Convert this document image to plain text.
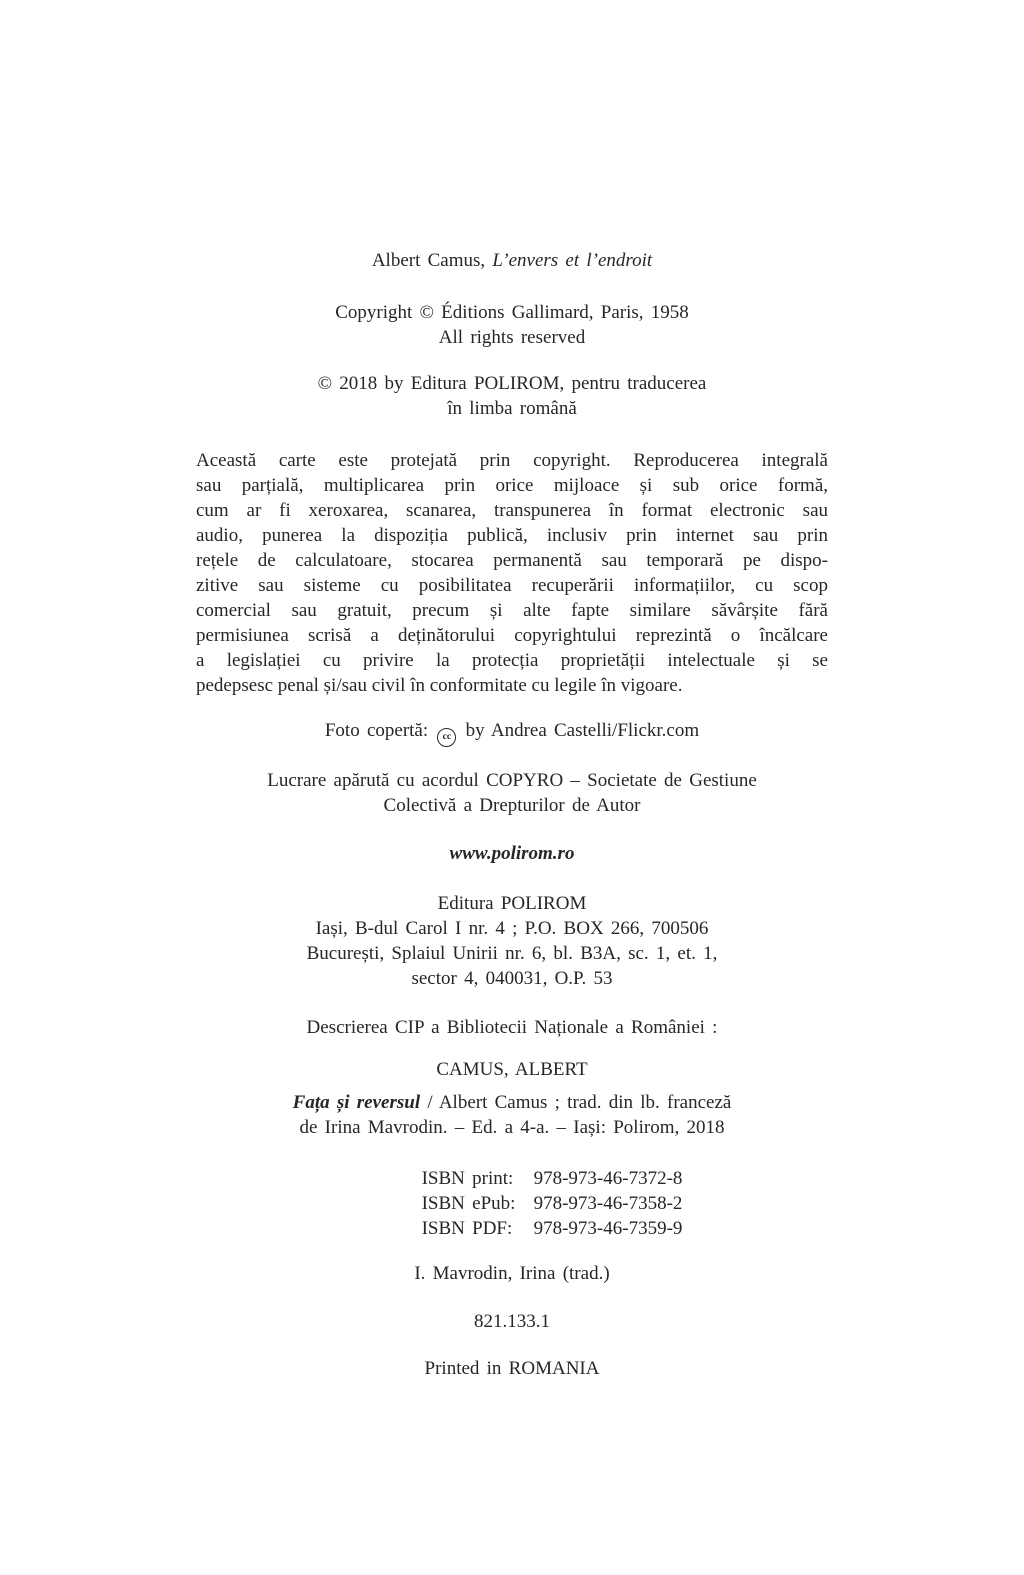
Albert Camus, L’envers et l’endroit
Copyright © Éditions Gallimard, Paris, 1958
All rights reserved
© 2018 by Editura POLIROM, pentru traducerea
în limba română
Această carte este protejată prin copyright. Reproducerea integrală
sau parțială, multiplicarea prin orice mijloace și sub orice formă,
cum ar fi xeroxarea, scanarea, transpunerea în format electronic sau
audio, punerea la dispoziția publică, inclusiv prin internet sau prin
rețele de calculatoare, stocarea permanentă sau temporară pe dispo-
zitive sau sisteme cu posibilitatea recuperării informațiilor, cu scop
comercial sau gratuit, precum și alte fapte similare săvârșite fără
permisiunea scrisă a deținătorului copyrightului reprezintă o încălcare
a legislației cu privire la protecția proprietății intelectuale și se
pedepsesc penal și/sau civil în conformitate cu legile în vigoare.
Foto copertă: cc by Andrea Castelli/Flickr.com
Lucrare apărută cu acordul COPYRO – Societate de Gestiune
Colectivă a Drepturilor de Autor
www.polirom.ro
Editura POLIROM
Iași, B-dul Carol I nr. 4 ; P.O. BOX 266, 700506
București, Splaiul Unirii nr. 6, bl. B3A, sc. 1, et. 1,
sector 4, 040031, O.P. 53
Descrierea CIP a Bibliotecii Naționale a României :
CAMUS, ALBERT
Fața și reversul / Albert Camus ; trad. din lb. franceză
de Irina Mavrodin. – Ed. a 4-a. – Iași: Polirom, 2018
ISBN print: 978-973-46-7372-8
ISBN ePub: 978-973-46-7358-2
ISBN PDF: 978-973-46-7359-9
I. Mavrodin, Irina (trad.)
821.133.1
Printed in ROMANIA
